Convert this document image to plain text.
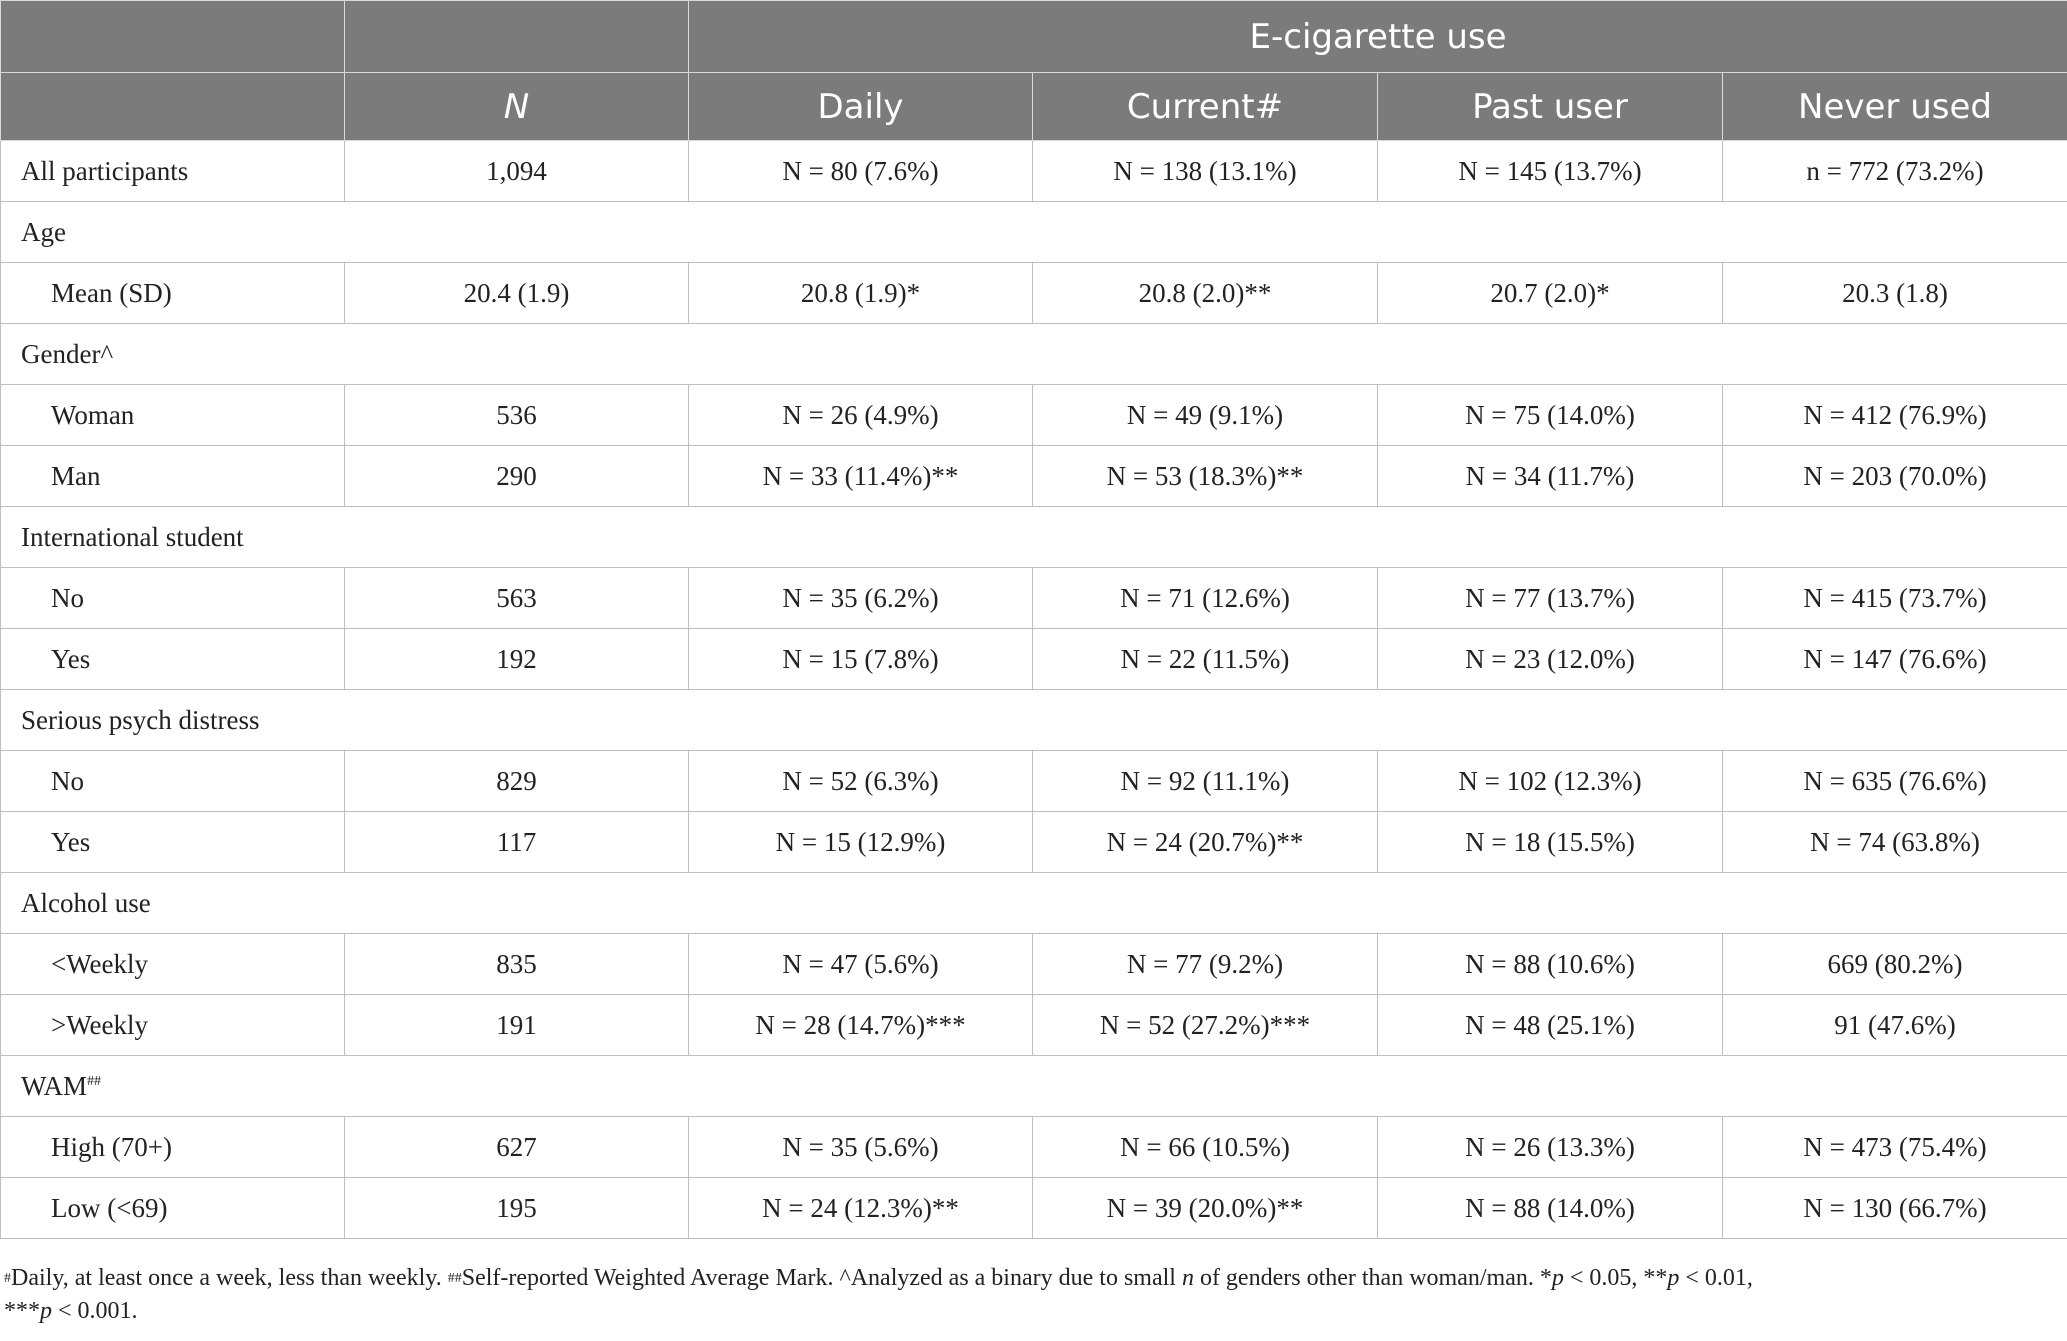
		E-cigarette use			
	N	Daily	Current#	Past user	Never used
All participants	1,094	N = 80 (7.6%)	N = 138 (13.1%)	N = 145 (13.7%)	n = 772 (73.2%)
Age					
Mean (SD)	20.4 (1.9)	20.8 (1.9)*	20.8 (2.0)**	20.7 (2.0)*	20.3 (1.8)
Gender^					
Woman	536	N = 26 (4.9%)	N = 49 (9.1%)	N = 75 (14.0%)	N = 412 (76.9%)
Man	290	N = 33 (11.4%)**	N = 53 (18.3%)**	N = 34 (11.7%)	N = 203 (70.0%)
International student					
No	563	N = 35 (6.2%)	N = 71 (12.6%)	N = 77 (13.7%)	N = 415 (73.7%)
Yes	192	N = 15 (7.8%)	N = 22 (11.5%)	N = 23 (12.0%)	N = 147 (76.6%)
Serious psych distress					
No	829	N = 52 (6.3%)	N = 92 (11.1%)	N = 102 (12.3%)	N = 635 (76.6%)
Yes	117	N = 15 (12.9%)	N = 24 (20.7%)**	N = 18 (15.5%)	N = 74 (63.8%)
Alcohol use					
<Weekly	835	N = 47 (5.6%)	N = 77 (9.2%)	N = 88 (10.6%)	669 (80.2%)
>Weekly	191	N = 28 (14.7%)***	N = 52 (27.2%)***	N = 48 (25.1%)	91 (47.6%)
WAM##
High (70+)	627	N = 35 (5.6%)	N = 66 (10.5%)	N = 26 (13.3%)	N = 473 (75.4%)
Low (<69)	195	N = 24 (12.3%)**	N = 39 (20.0%)**	N = 88 (14.0%)	N = 130 (66.7%)
#Daily, at least once a week, less than weekly. ##Self-reported Weighted Average Mark. ^Analyzed as a binary due to small n of genders other than woman/man. *p < 0.05, **p < 0.01,
***p < 0.001.
